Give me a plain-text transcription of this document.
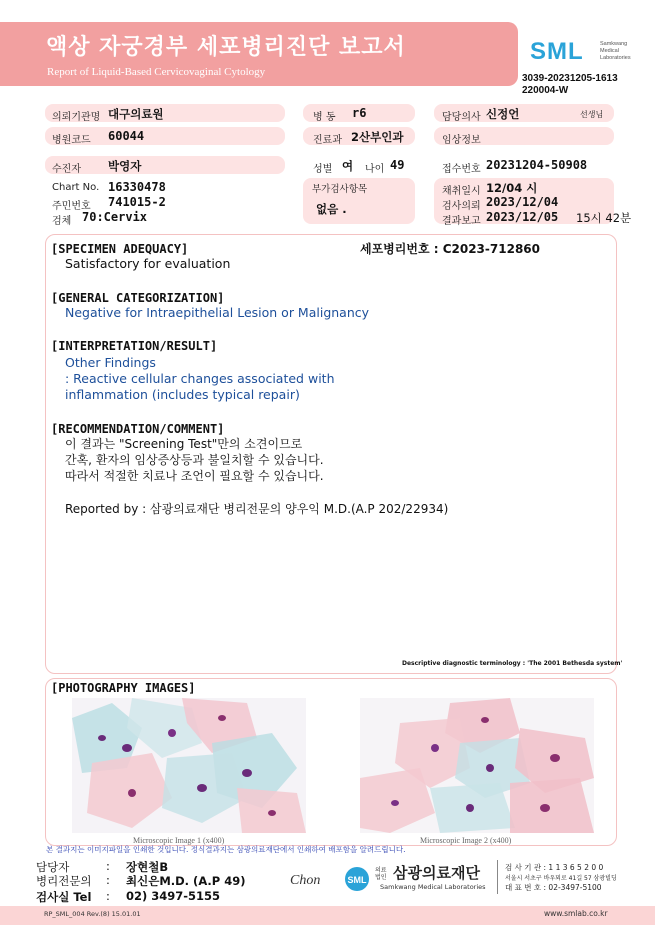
액상 자궁경부 세포병리진단 보고서
Report of Liquid-Based Cervicovaginal Cytology
SML	Samkwang Medical Laboratories
3039-20231205-1613
220004-W
의뢰기관명 대구의료원	병 동 r6	담당의사 신정언	선생님
병원코드 60044	진료과 2산부인과	임상정보
수진자 박영자	성별 여 나이 49	접수번호 20231204-50908
Chart No. 16330478
주민번호 741015-2
검체 70:Cervix
부가검사항목
없음 .
채취일시 12/04 시
검사의뢰 2023/12/04
결과보고 2023/12/05 15시 42분
[SPECIMEN ADEQUACY]	세포병리번호 : C2023-712860
Satisfactory for evaluation
[GENERAL CATEGORIZATION]
Negative for Intraepithelial Lesion or Malignancy
[INTERPRETATION/RESULT]
Other Findings
: Reactive cellular changes associated with
inflammation (includes typical repair)
[RECOMMENDATION/COMMENT]
이 결과는 "Screening Test"만의 소견이므로
간혹, 환자의 임상증상등과 불일치할 수 있습니다.
따라서 적절한 치료나 조언이 필요할 수 있습니다.
Reported by : 삼광의료재단 병리전문의 양우익 M.D.(A.P 202/22934)
Descriptive diagnostic terminology : 'The 2001 Bethesda system'
[PHOTOGRAPHY IMAGES]
Microscopic Image 1 (x400)	Microscopic Image 2 (x400)
본 결과지는 이미지파일을 인쇄한 것입니다. 정식결과지는 삼광의료재단에서 인쇄하여 배포함을 알려드립니다.
담당자	: 장현철B
병리전문의 : 최신은M.D. (A.P 49)
검사실 Tel : 02) 3497-5155
Chon	SML
의료법인 삼광의료재단
Samkwang Medical Laboratories
검 사 기 관 : 1 1 3 6 5 2 0 0
서울시 서초구 바우뫼로 41길 57 삼광빌딩
대 표 번 호 : 02-3497-5100
RP_SML_004 Rev.(8) 15.01.01	www.smlab.co.kr
